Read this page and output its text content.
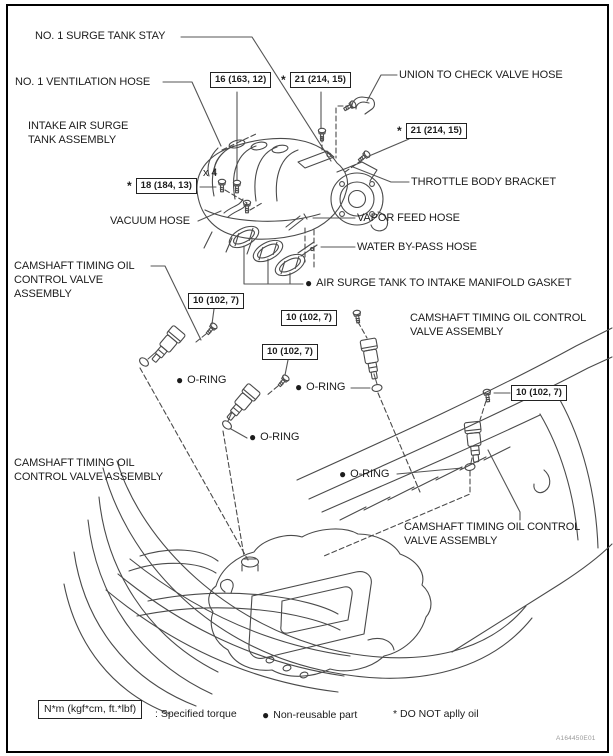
NO. 1 SURGE TANK STAY
NO. 1 VENTILATION HOSE
UNION TO CHECK VALVE HOSE
INTAKE AIR SURGE
TANK ASSEMBLY
THROTTLE BODY BRACKET
VACUUM HOSE	VAPOR FEED HOSE
WATER BY-PASS HOSE
● AIR SURGE TANK TO INTAKE MANIFOLD GASKET
CAMSHAFT TIMING OIL
CONTROL VALVE
ASSEMBLY
CAMSHAFT TIMING OIL CONTROL
VALVE ASSEMBLY
● O-RING	● O-RING
● O-RING
● O-RING
CAMSHAFT TIMING OIL
CONTROL VALVE ASSEMBLY
CAMSHAFT TIMING OIL CONTROL
VALVE ASSEMBLY
16 (163, 12)	* 21 (214, 15)
* 21 (214, 15)
* 18 (184, 13)
x 4
10 (102, 7)
10 (102, 7)
10 (102, 7)
10 (102, 7)
N*m (kgf*cm, ft.*lbf)	: Specified torque ● Non-reusable part	* DO NOT aplly oil
A164450E01
